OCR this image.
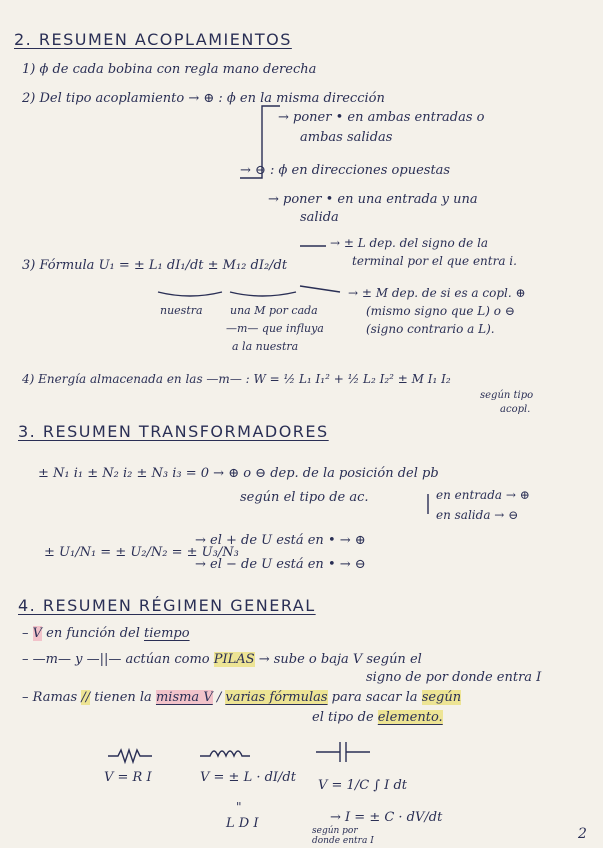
2. RESUMEN ACOPLAMIENTOS
1) ϕ de cada bobina con regla mano derecha
2) Del tipo acoplamiento → ⊕ : ϕ en la misma dirección
→ poner • en ambas entradas o
ambas salidas
→ ⊖ : ϕ en direcciones opuestas
→ poner • en una entrada y una
salida
3) Fórmula U₁ = ± L₁ dI₁/dt ± M₁₂ dI₂/dt
→ ± L dep. del signo de la
terminal por el que entra i.
→ ± M dep. de si es a copl. ⊕
(mismo signo que L) o ⊖
(signo contrario a L).
nuestra una M por cada
—m— que influya
a la nuestra
4) Energía almacenada en las —m— : W = ½ L₁ I₁² + ½ L₂ I₂² ± M I₁ I₂
según tipo
acopl.
3. RESUMEN TRANSFORMADORES
± N₁ i₁ ± N₂ i₂ ± N₃ i₃ = 0 → ⊕ o ⊖ dep. de la posición del pb
según el tipo de ac.	en entrada → ⊕
en salida → ⊖
± U₁/N₁ = ± U₂/N₂ = ± U₃/N₃
→ el + de U está en • → ⊕
→ el − de U está en • → ⊖
4. RESUMEN RÉGIMEN GENERAL
– V en función del tiempo
– —m— y —||— actúan como PILAS → sube o baja V según el
signo de por donde entra I
– Ramas // tienen la misma V / varias fórmulas para sacar la según
el tipo de elemento.
V = R I	V = ± L · dI/dt
"
L D I
V = 1/C ∫ I dt
→ I = ± C · dV/dt
según por
donde entra I	2
